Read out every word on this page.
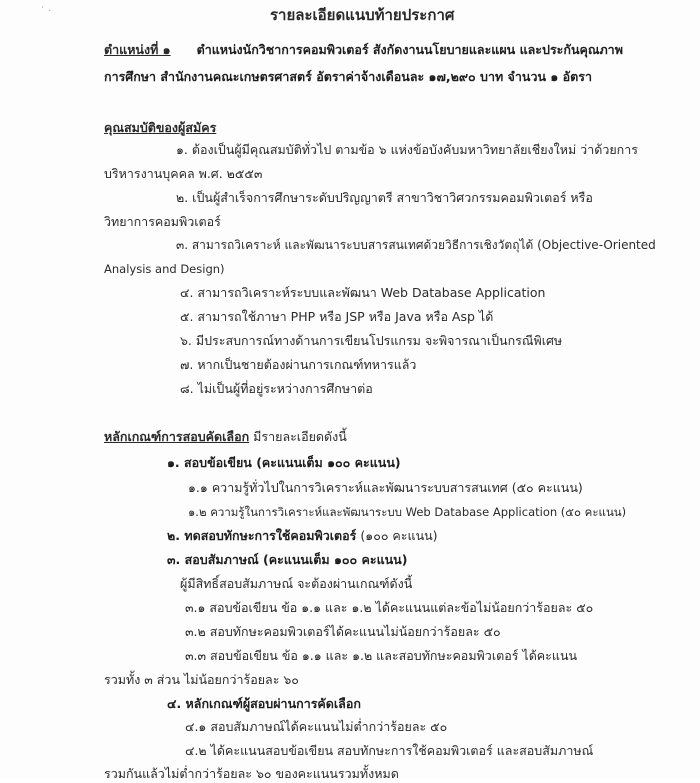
˙ ·	รายละเอียดแนบท้ายประกาศ
ตำแหน่งที่ ๑ ตำแหน่งนักวิชาการคอมพิวเตอร์ สังกัดงานนโยบายและแผน และประกันคุณภาพ
การศึกษา สำนักงานคณะเกษตรศาสตร์ อัตราค่าจ้างเดือนละ ๑๗,๒๙๐ บาท จำนวน ๑ อัตรา
คุณสมบัติของผู้สมัคร
๑. ต้องเป็นผู้มีคุณสมบัติทั่วไป ตามข้อ ๖ แห่งข้อบังคับมหาวิทยาลัยเชียงใหม่ ว่าด้วยการ
บริหารงานบุคคล พ.ศ. ๒๕๕๓
๒. เป็นผู้สำเร็จการศึกษาระดับปริญญาตรี สาขาวิชาวิศวกรรมคอมพิวเตอร์ หรือ
วิทยาการคอมพิวเตอร์
๓. สามารถวิเคราะห์ และพัฒนาระบบสารสนเทศด้วยวิธีการเชิงวัตถุได้ (Objective-Oriented
Analysis and Design)
๔. สามารถวิเคราะห์ระบบและพัฒนา Web Database Application
๕. สามารถใช้ภาษา PHP หรือ JSP หรือ Java หรือ Asp ได้
๖. มีประสบการณ์ทางด้านการเขียนโปรแกรม จะพิจารณาเป็นกรณีพิเศษ
๗. หากเป็นชายต้องผ่านการเกณฑ์ทหารแล้ว
๘. ไม่เป็นผู้ที่อยู่ระหว่างการศึกษาต่อ
หลักเกณฑ์การสอบคัดเลือก มีรายละเอียดดังนี้
๑. สอบข้อเขียน (คะแนนเต็ม ๑๐๐ คะแนน)
๑.๑ ความรู้ทั่วไปในการวิเคราะห์และพัฒนาระบบสารสนเทศ (๕๐ คะแนน)
๑.๒ ความรู้ในการวิเคราะห์และพัฒนาระบบ Web Database Application (๕๐ คะแนน)
๒. ทดสอบทักษะการใช้คอมพิวเตอร์ (๑๐๐ คะแนน)
๓. สอบสัมภาษณ์ (คะแนนเต็ม ๑๐๐ คะแนน)
ผู้มีสิทธิ์สอบสัมภาษณ์ จะต้องผ่านเกณฑ์ดังนี้
๓.๑ สอบข้อเขียน ข้อ ๑.๑ และ ๑.๒ ได้คะแนนแต่ละข้อไม่น้อยกว่าร้อยละ ๕๐
๓.๒ สอบทักษะคอมพิวเตอร์ได้คะแนนไม่น้อยกว่าร้อยละ ๕๐
๓.๓ สอบข้อเขียน ข้อ ๑.๑ และ ๑.๒ และสอบทักษะคอมพิวเตอร์ ได้คะแนน
รวมทั้ง ๓ ส่วน ไม่น้อยกว่าร้อยละ ๖๐
๔. หลักเกณฑ์ผู้สอบผ่านการคัดเลือก
๔.๑ สอบสัมภาษณ์ได้คะแนนไม่ต่ำกว่าร้อยละ ๕๐
๔.๒ ได้คะแนนสอบข้อเขียน สอบทักษะการใช้คอมพิวเตอร์ และสอบสัมภาษณ์
รวมกันแล้วไม่ต่ำกว่าร้อยละ ๖๐ ของคะแนนรวมทั้งหมด
